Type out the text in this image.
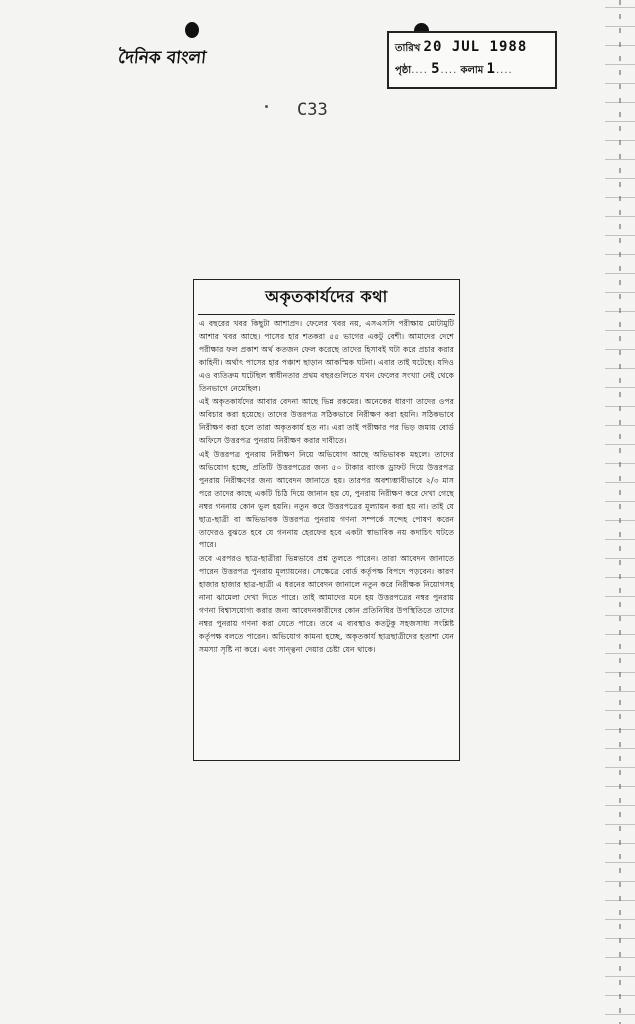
দৈনিক বাংলা	তারিখ 20 JUL 1988
পৃষ্ঠা.... 5.... কলাম 1....
C33
অকৃতকার্যদের কথা

এ বছরের খবর কিছুটা আশাপ্রদ। ফেলের খবর নয়, এসএসসি পরীক্ষায় মোটামুটি আশার খবর আছে। পাসের হার শতকরা ৫৫ ভাগের একটু বেশী। আমাদের দেশে পরীক্ষার ফল প্রকাশ অর্থ কতজন ফেল করেছে তাদের হিসাবই ঘটা করে প্রচার করার কাহিনী। অর্থাৎ পাসের হার পঞ্চাশ ছাড়ান আকস্মিক ঘটনা। এবার তাই ঘটেছে। যদিও এও ব্যতিক্রম ঘটেছিল স্বাধীনতার প্রথম বছরগুলিতে যখন ফেলের সংখ্যা নেই থেকে তিনভাগে নেমেছিল।

এই অকৃতকার্যদের আবার বেদনা আছে ভিন্ন রকমের। অনেকের ধারণা তাদের ওপর অবিচার করা হয়েছে। তাদের উত্তরপত্র সঠিকভাবে নিরীক্ষণ করা হয়নি। সঠিকভাবে নিরীক্ষণ করা হলে তারা অকৃতকার্য হত না। এরা তাই পরীক্ষার পর ভিড় জমায় বোর্ড অফিসে উত্তরপত্র পুনরায় নিরীক্ষণ করার দাবীতে।

এই উত্তরপত্র পুনরায় নিরীক্ষণ নিয়ে অভিযোগ আছে অভিভাবক মহলে। তাদের অভিযোগ হচ্ছে, প্রতিটি উত্তরপত্রের জন্য ৫০ টাকার ব্যাংক ড্রাফট দিয়ে উত্তরপত্র পুনরায় নিরীক্ষণের জন্য আবেদন জানাতে হয়। তারপর অবশ্যম্ভাবীভাবে ২/৩ মাস পরে তাদের কাছে একটি চিঠি দিয়ে জানান হয় যে, পুনরায় নিরীক্ষণ করে দেখা গেছে নম্বর গননায় কোন ভুল হয়নি। নতুন করে উত্তরপত্রের মূল্যায়ন করা হয় না। তাই যে ছাত্র-ছাত্রী বা অভিভাবক উত্তরপত্র পুনরায় গণনা সম্পর্কে সন্দেহ পোষণ করেন তাদেরও বুঝতে হবে যে গননায় হেরফের হবে একটা স্বাভাবিক নয় কদাচিৎ ঘটতে পারে।

তবে এরপরও ছাত্র-ছাত্রীরা ভিন্নভাবে প্রশ্ন তুলতে পারেন। তারা আবেদন জানাতে পারেন উত্তরপত্র পুনরায় মূল্যায়নের। সেক্ষেত্রে বোর্ড কর্তৃপক্ষ বিপদে পড়বেন। কারণ হাজার হাজার ছাত্র-ছাত্রী এ ধরনের আবেদন জানালে নতুন করে নিরীক্ষক নিয়োগসহ নানা ঝামেলা দেখা দিতে পারে। তাই আমাদের মনে হয় উত্তরপত্রের নম্বর পুনরায় গণনা বিশ্বাসযোগ্য করার জন্য আবেদনকারীদের কোন প্রতিনিধির উপস্থিতিতে তাদের নম্বর পুনরায় গণনা করা যেতে পারে। তবে এ ব্যবস্থাও কতটুকু সহজসাধ্য সংশ্লিষ্ট কর্তৃপক্ষ বলতে পারেন। অভিযোগ কামনা হচ্ছে, অকৃতকার্য ছাত্রছাত্রীদের হতাশা যেন সমস্যা সৃষ্টি না করে। এবং সান্ত্বনা দেয়ার চেষ্টা যেন থাকে।
